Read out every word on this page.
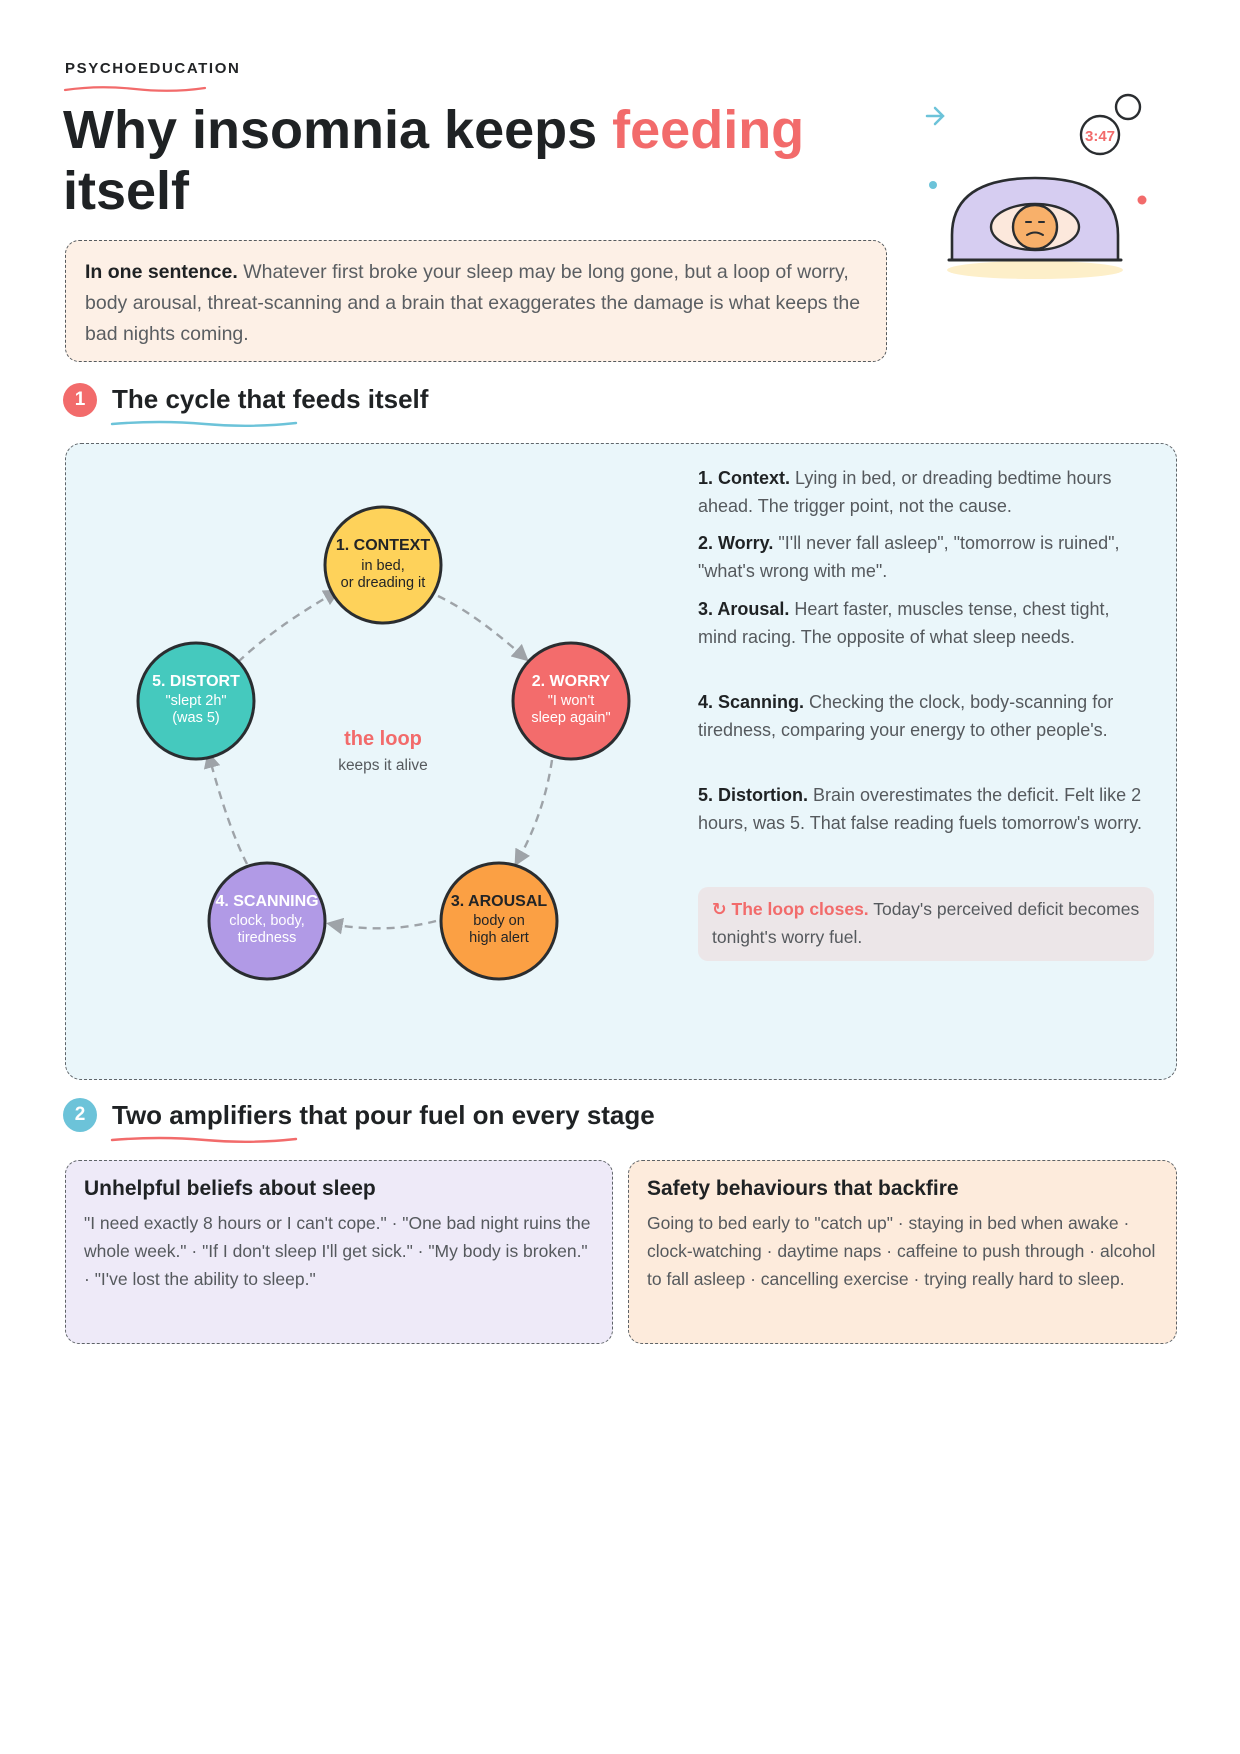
PSYCHOEDUCATION
Why insomnia keeps feeding itself
3:47
In one sentence. Whatever first broke your sleep may be long gone, but a loop of worry, body arousal, threat-scanning and a brain that exaggerates the damage is what keeps the bad nights coming.
1	The cycle that feeds itself
the loop
keeps it alive
1. CONTEXT
in bed,
or dreading it
2. WORRY
"I won't
sleep again"
3. AROUSAL
body on
high alert
4. SCANNING
clock, body,
tiredness
5. DISTORT
"slept 2h"
(was 5)
1. Context. Lying in bed, or dreading bedtime hours ahead. The trigger point, not the cause.
2. Worry. "I'll never fall asleep", "tomorrow is ruined", "what's wrong with me".
3. Arousal. Heart faster, muscles tense, chest tight, mind racing. The opposite of what sleep needs.
4. Scanning. Checking the clock, body-scanning for tiredness, comparing your energy to other people's.
5. Distortion. Brain overestimates the deficit. Felt like 2 hours, was 5. That false reading fuels tomorrow's worry.
↻ The loop closes. Today's perceived deficit becomes tonight's worry fuel.
2	Two amplifiers that pour fuel on every stage
Unhelpful beliefs about sleep

"I need exactly 8 hours or I can't cope." · "One bad night ruins the whole week." · "If I don't sleep I'll get sick." · "My body is broken." · "I've lost the ability to sleep."

Safety behaviours that backfire

Going to bed early to "catch up" · staying in bed when awake · clock-watching · daytime naps · caffeine to push through · alcohol to fall asleep · cancelling exercise · trying really hard to sleep.
